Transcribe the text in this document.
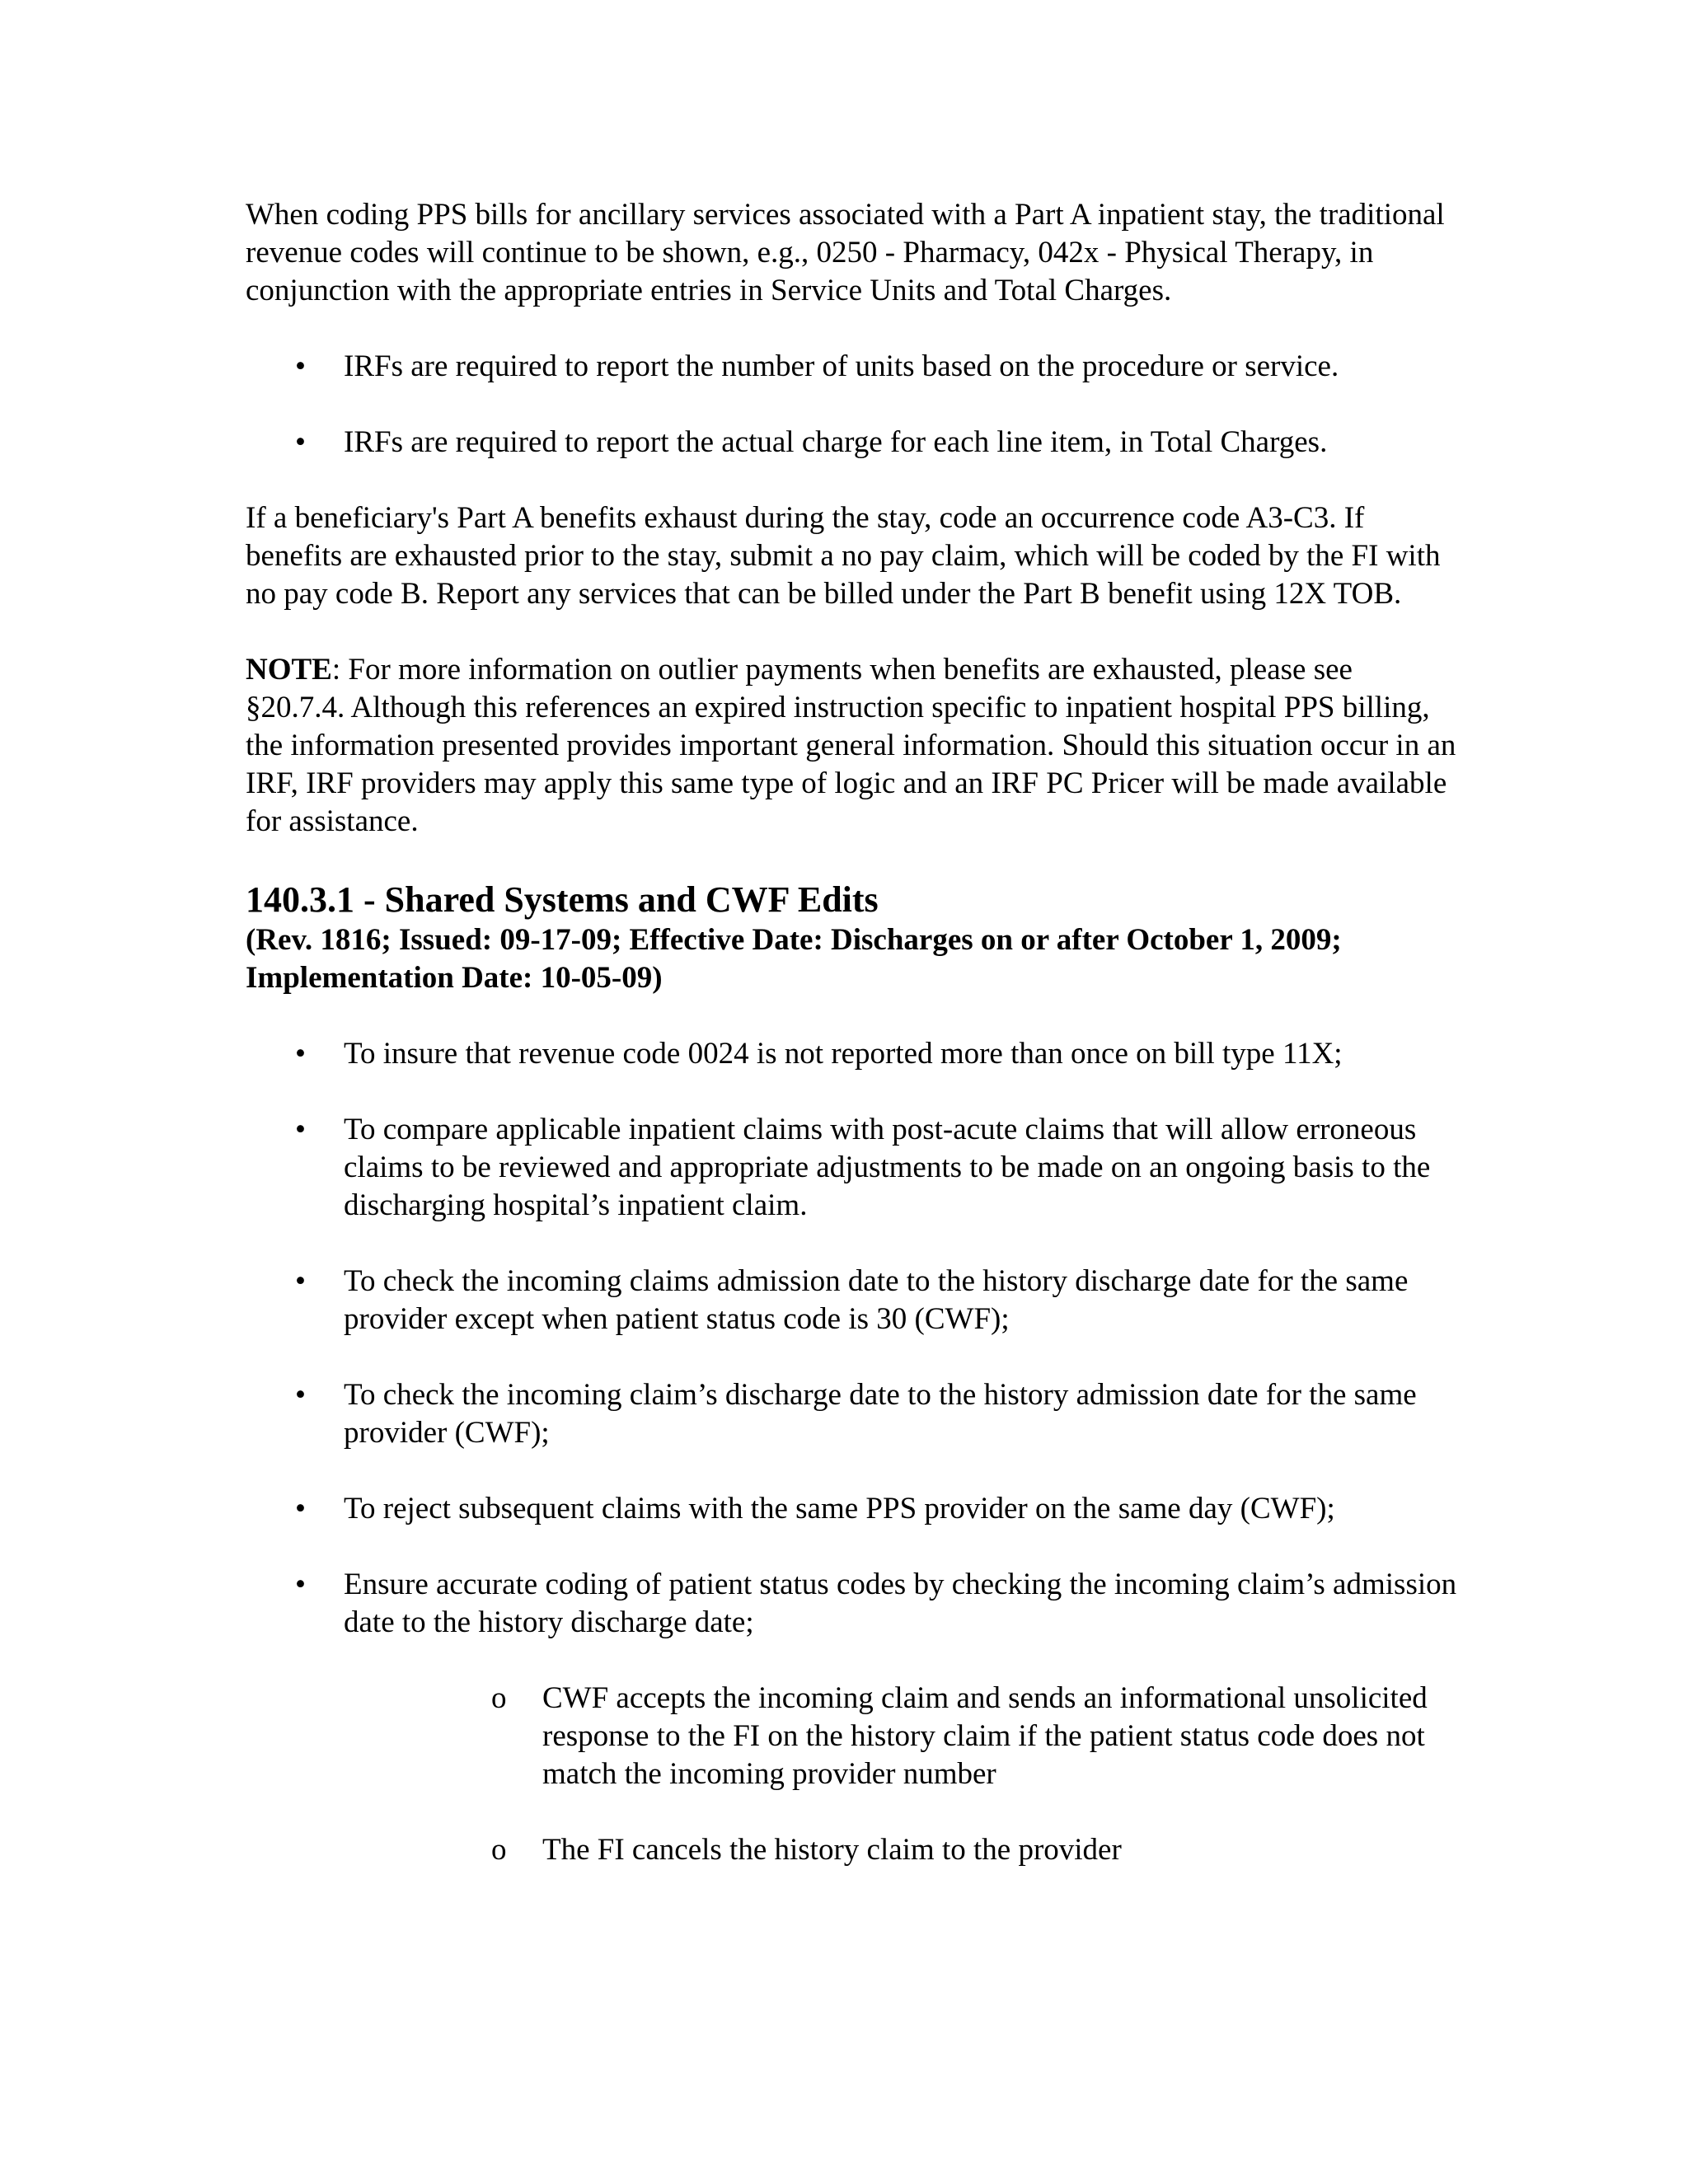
When coding PPS bills for ancillary services associated with a Part A inpatient stay, the traditional revenue codes will continue to be shown, e.g., 0250 - Pharmacy, 042x - Physical Therapy, in conjunction with the appropriate entries in Service Units and Total Charges.

• IRFs are required to report the number of units based on the procedure or service.
• IRFs are required to report the actual charge for each line item, in Total Charges.

If a beneficiary's Part A benefits exhaust during the stay, code an occurrence code A3-C3. If benefits are exhausted prior to the stay, submit a no pay claim, which will be coded by the FI with no pay code B. Report any services that can be billed under the Part B benefit using 12X TOB.

NOTE: For more information on outlier payments when benefits are exhausted, please see §20.7.4. Although this references an expired instruction specific to inpatient hospital PPS billing, the information presented provides important general information. Should this situation occur in an IRF, IRF providers may apply this same type of logic and an IRF PC Pricer will be made available for assistance.

140.3.1 - Shared Systems and CWF Edits

(Rev. 1816; Issued: 09-17-09; Effective Date: Discharges on or after October 1, 2009; Implementation Date: 10-05-09)

• To insure that revenue code 0024 is not reported more than once on bill type 11X;
• To compare applicable inpatient claims with post-acute claims that will allow erroneous claims to be reviewed and appropriate adjustments to be made on an ongoing basis to the discharging hospital’s inpatient claim.
• To check the incoming claims admission date to the history discharge date for the same provider except when patient status code is 30 (CWF);
• To check the incoming claim’s discharge date to the history admission date for the same provider (CWF);
• To reject subsequent claims with the same PPS provider on the same day (CWF);
• Ensure accurate coding of patient status codes by checking the incoming claim’s admission date to the history discharge date;
o CWF accepts the incoming claim and sends an informational unsolicited response to the FI on the history claim if the patient status code does not match the incoming provider number
o The FI cancels the history claim to the provider
